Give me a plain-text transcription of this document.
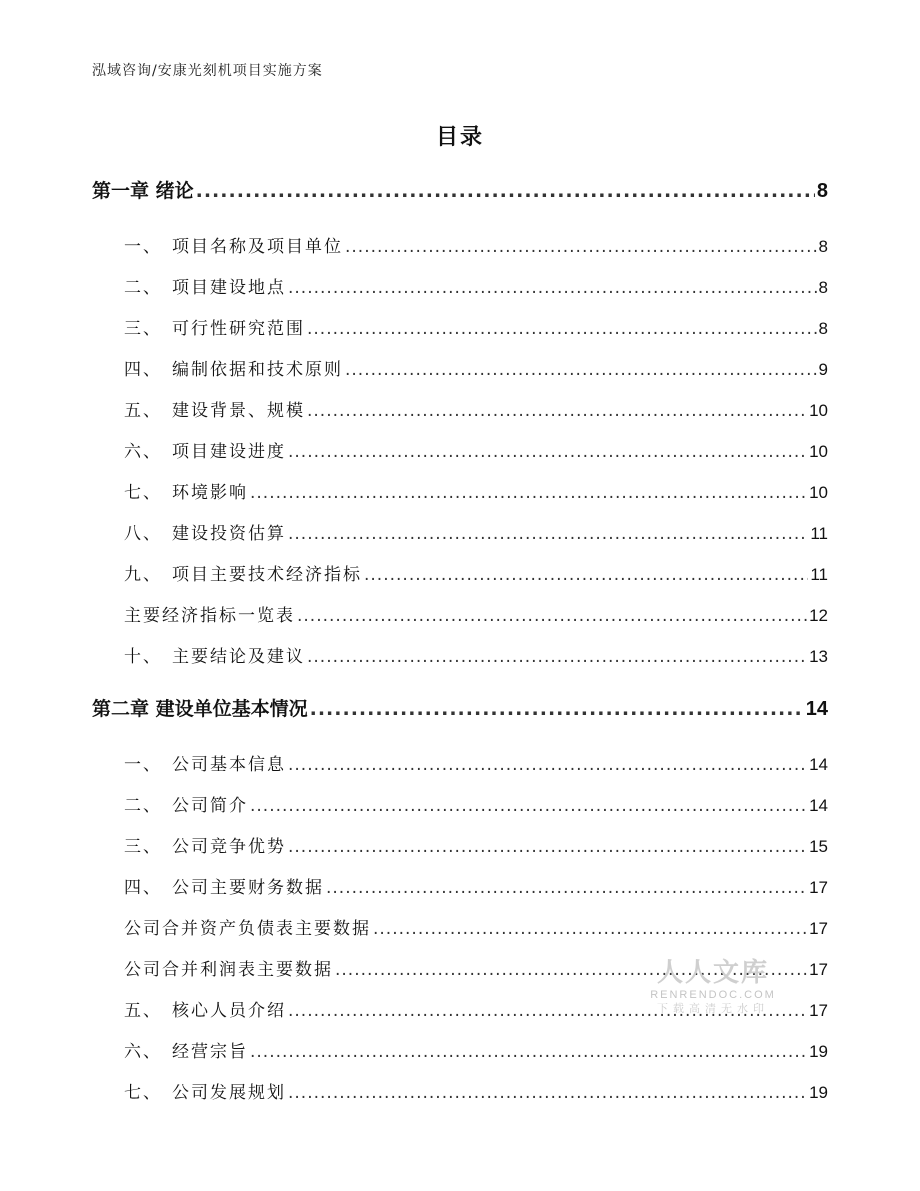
泓域咨询/安康光刻机项目实施方案
目录
第一章 绪论 .....	8
一、 项目名称及项目单位 .....	8
二、 项目建设地点 .....	8
三、 可行性研究范围 .....	8
四、 编制依据和技术原则 .....	9
五、 建设背景、规模 .....	10
六、 项目建设进度 .....	10
七、 环境影响 .....	10
八、 建设投资估算 .....	11
九、 项目主要技术经济指标 .....	11
主要经济指标一览表 .....	12
十、 主要结论及建议 .....	13
第二章 建设单位基本情况 .....	14
一、 公司基本信息 .....	14
二、 公司简介 .....	14
三、 公司竞争优势 .....	15
四、 公司主要财务数据 .....	17
公司合并资产负债表主要数据 .....	17
公司合并利润表主要数据 .....	17
五、 核心人员介绍 .....	17
六、 经营宗旨 .....	19
七、 公司发展规划 .....	19
人人文库
RENRENDOC.COM
下载高清无水印
